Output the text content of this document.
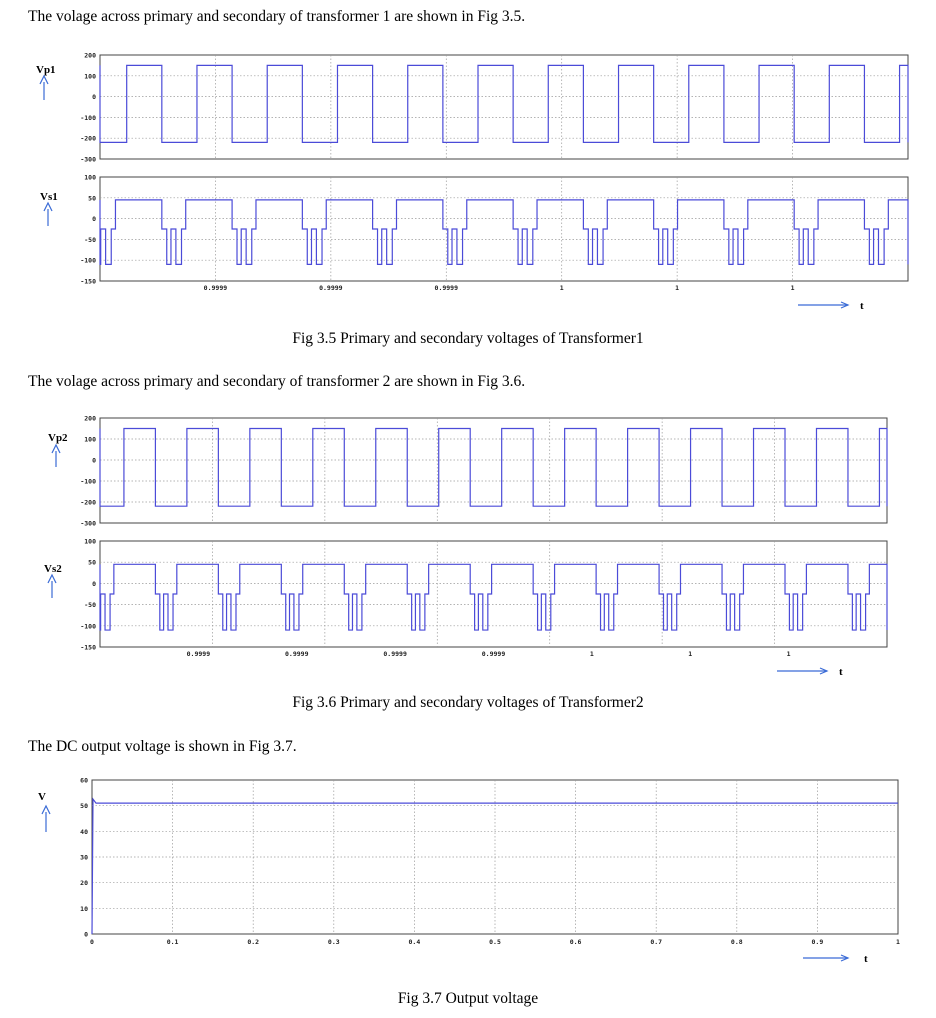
The volage across primary and secondary of transformer 1 are shown in Fig 3.5.
Fig 3.5 Primary and secondary voltages of Transformer1
The volage across primary and secondary of transformer 2 are shown in Fig 3.6.
Fig 3.6 Primary and secondary voltages of Transformer2
The DC output voltage is shown in Fig 3.7.
Fig 3.7 Output voltage
200
100
0
-100
-200
-300
Vp1
100
50
0
-50
-100
-150
Vs1
0.9999	0.9999	0.9999	1	1	1
t
200
100
0
-100
-200
-300
Vp2
100
50
0
-50
-100
-150
Vs2
0.9999	0.9999	0.9999	0.9999	1	1	1
t
60
50
40
30
20
10
0
V
0	0.1	0.2	0.3	0.4	0.5	0.6	0.7	0.8	0.9	1
t
